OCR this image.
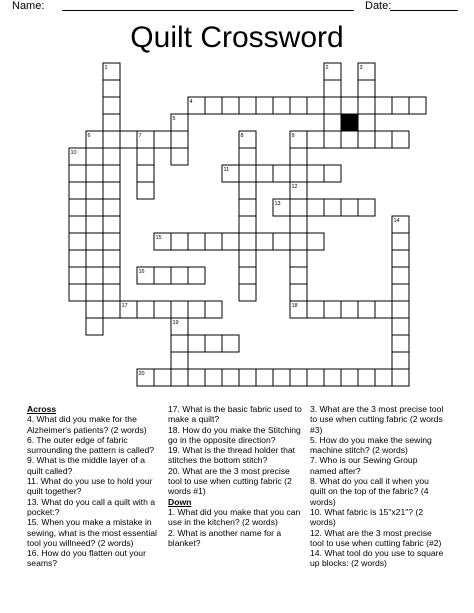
Name:	Date:
Quilt Crossword
1	2	3
4
5
6	7	8	9
10
11
12
13
14
15
16
17	18
19
20
Across
4. What did you make for the Alzheimer's patients? (2 words)
6. The outer edge of fabric surrounding the pattern is called?
9. What is the middle layer of a quilt called?
11. What do you use to hold your quilt together?
13. What do you call a quilt with a pocket:?
15. When you make a mistake in sewing, what is the most essential tool you willneed? (2 words)
16. How do you flatten out your seams?
17. What is the basic fabric used to make a quilt?
18. How do you make the Stitching go in the opposite direction?
19. What is the thread holder that stitches the bottom stitch?
20. What are the 3 most precise tool to use when cutting fabric (2 words #1)
Down
1. What did you make that you can use in the kitchen? (2 words)
2. What is another name for a blanket?
3. What are the 3 most precise tool to use when cutting fabric (2 words #3)
5. How do you make the sewing machine stitch? (2 words)
7. Who is our Sewing Group named after?
8. What do you call it when you quilt on the top of the fabric? (4 words)
10. What fabric is 15"x21"? (2 words)
12. What are the 3 most precise tool to use when cutting fabric (#2)
14. What tool do you use to square up blocks: (2 words)
